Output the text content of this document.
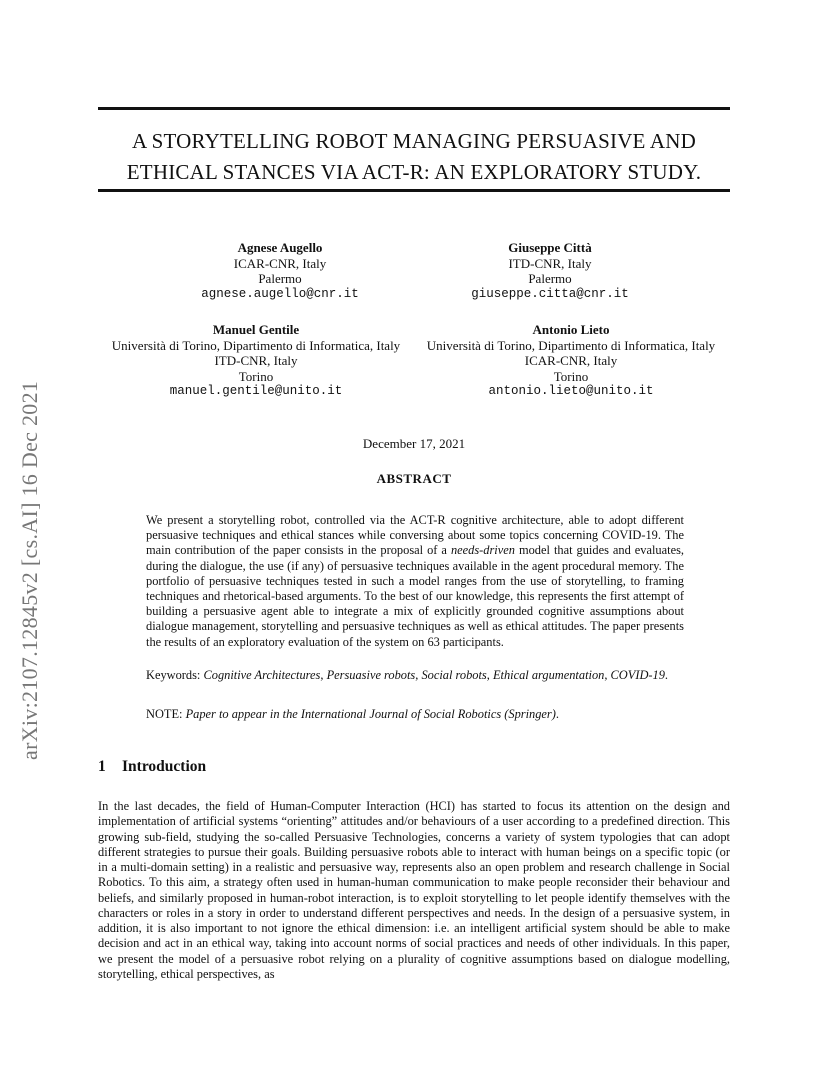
A STORYTELLING ROBOT MANAGING PERSUASIVE AND
ETHICAL STANCES VIA ACT-R: AN EXPLORATORY STUDY.
arXiv:2107.12845v2 [cs.AI] 16 Dec 2021
Agnese Augello
ICAR-CNR, Italy
Palermo
agnese.augello@cnr.it
Giuseppe Città
ITD-CNR, Italy
Palermo
giuseppe.citta@cnr.it
Manuel Gentile
Università di Torino, Dipartimento di Informatica, Italy
ITD-CNR, Italy
Torino
manuel.gentile@unito.it
Antonio Lieto
Università di Torino, Dipartimento di Informatica, Italy
ICAR-CNR, Italy
Torino
antonio.lieto@unito.it
December 17, 2021
ABSTRACT
We present a storytelling robot, controlled via the ACT-R cognitive architecture, able to adopt different persuasive techniques and ethical stances while conversing about some topics concerning COVID-19. The main contribution of the paper consists in the proposal of a needs-driven model that guides and evaluates, during the dialogue, the use (if any) of persuasive techniques available in the agent procedural memory. The portfolio of persuasive techniques tested in such a model ranges from the use of storytelling, to framing techniques and rhetorical-based arguments. To the best of our knowledge, this represents the first attempt of building a persuasive agent able to integrate a mix of explicitly grounded cognitive assumptions about dialogue management, storytelling and persuasive techniques as well as ethical attitudes. The paper presents the results of an exploratory evaluation of the system on 63 participants.
Keywords: Cognitive Architectures, Persuasive robots, Social robots, Ethical argumentation, COVID-19.
NOTE: Paper to appear in the International Journal of Social Robotics (Springer).
1 Introduction
In the last decades, the field of Human-Computer Interaction (HCI) has started to focus its attention on the design and implementation of artificial systems “orienting” attitudes and/or behaviours of a user according to a predefined direction. This growing sub-field, studying the so-called Persuasive Technologies, concerns a variety of system typologies that can adopt different strategies to pursue their goals. Building persuasive robots able to interact with human beings on a specific topic (or in a multi-domain setting) in a realistic and persuasive way, represents also an open problem and research challenge in Social Robotics. To this aim, a strategy often used in human-human communication to make people reconsider their behaviour and beliefs, and similarly proposed in human-robot interaction, is to exploit storytelling to let people identify themselves with the characters or roles in a story in order to understand different perspectives and needs. In the design of a persuasive system, in addition, it is also important to not ignore the ethical dimension: i.e. an intelligent artificial system should be able to make decision and act in an ethical way, taking into account norms of social practices and needs of other individuals. In this paper, we present the model of a persuasive robot relying on a plurality of cognitive assumptions based on dialogue modelling, storytelling, ethical perspectives, as
